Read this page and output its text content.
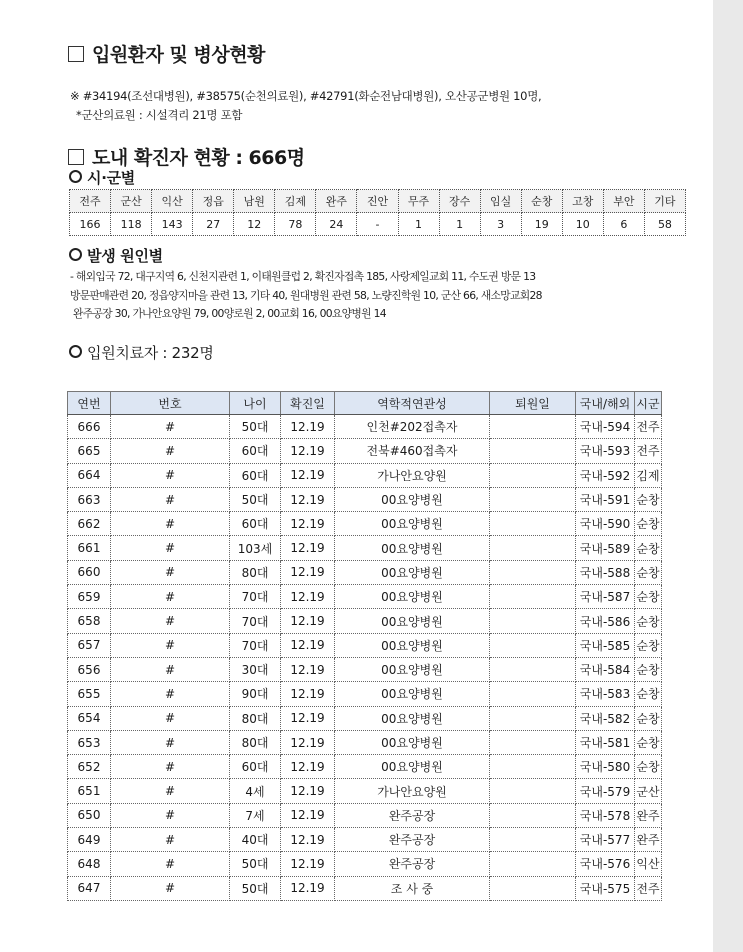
입원환자 및 병상현황
※ #34194(조선대병원), #38575(순천의료원), #42791(화순전남대병원), 오산공군병원 10명,
*군산의료원 : 시설격리 21명 포함
도내 확진자 현황 : 666명
시·군별
전주	군산	익산	정읍	남원	김제	완주	진안	무주	장수	임실	순창	고창	부안	기타
166	118	143	27	12	78	24	-	1	1	3	19	10	6	58
발생 원인별
- 해외입국 72, 대구지역 6, 신천지관련 1, 이태원클럽 2, 확진자접촉 185, 사랑제일교회 11, 수도권 방문 13
방문판매관련 20, 정읍양지마을 관련 13, 기타 40, 원대병원 관련 58, 노량진학원 10, 군산 66, 새소망교회28
완주공장 30, 가나안요양원 79, 00양로원 2, 00교회 16, 00요양병원 14
입원치료자 : 232명
연번	번호	나이	확진일	역학적연관성	퇴원일	국내/해외	시군
666	#	50대	12.19	인천#202접촉자		국내-594	전주
665	#	60대	12.19	전북#460접촉자		국내-593	전주
664	#	60대	12.19	가나안요양원		국내-592	김제
663	#	50대	12.19	00요양병원		국내-591	순창
662	#	60대	12.19	00요양병원		국내-590	순창
661	#	103세	12.19	00요양병원		국내-589	순창
660	#	80대	12.19	00요양병원		국내-588	순창
659	#	70대	12.19	00요양병원		국내-587	순창
658	#	70대	12.19	00요양병원		국내-586	순창
657	#	70대	12.19	00요양병원		국내-585	순창
656	#	30대	12.19	00요양병원		국내-584	순창
655	#	90대	12.19	00요양병원		국내-583	순창
654	#	80대	12.19	00요양병원		국내-582	순창
653	#	80대	12.19	00요양병원		국내-581	순창
652	#	60대	12.19	00요양병원		국내-580	순창
651	#	4세	12.19	가나안요양원		국내-579	군산
650	#	7세	12.19	완주공장		국내-578	완주
649	#	40대	12.19	완주공장		국내-577	완주
648	#	50대	12.19	완주공장		국내-576	익산
647	#	50대	12.19	조 사 중		국내-575	전주
